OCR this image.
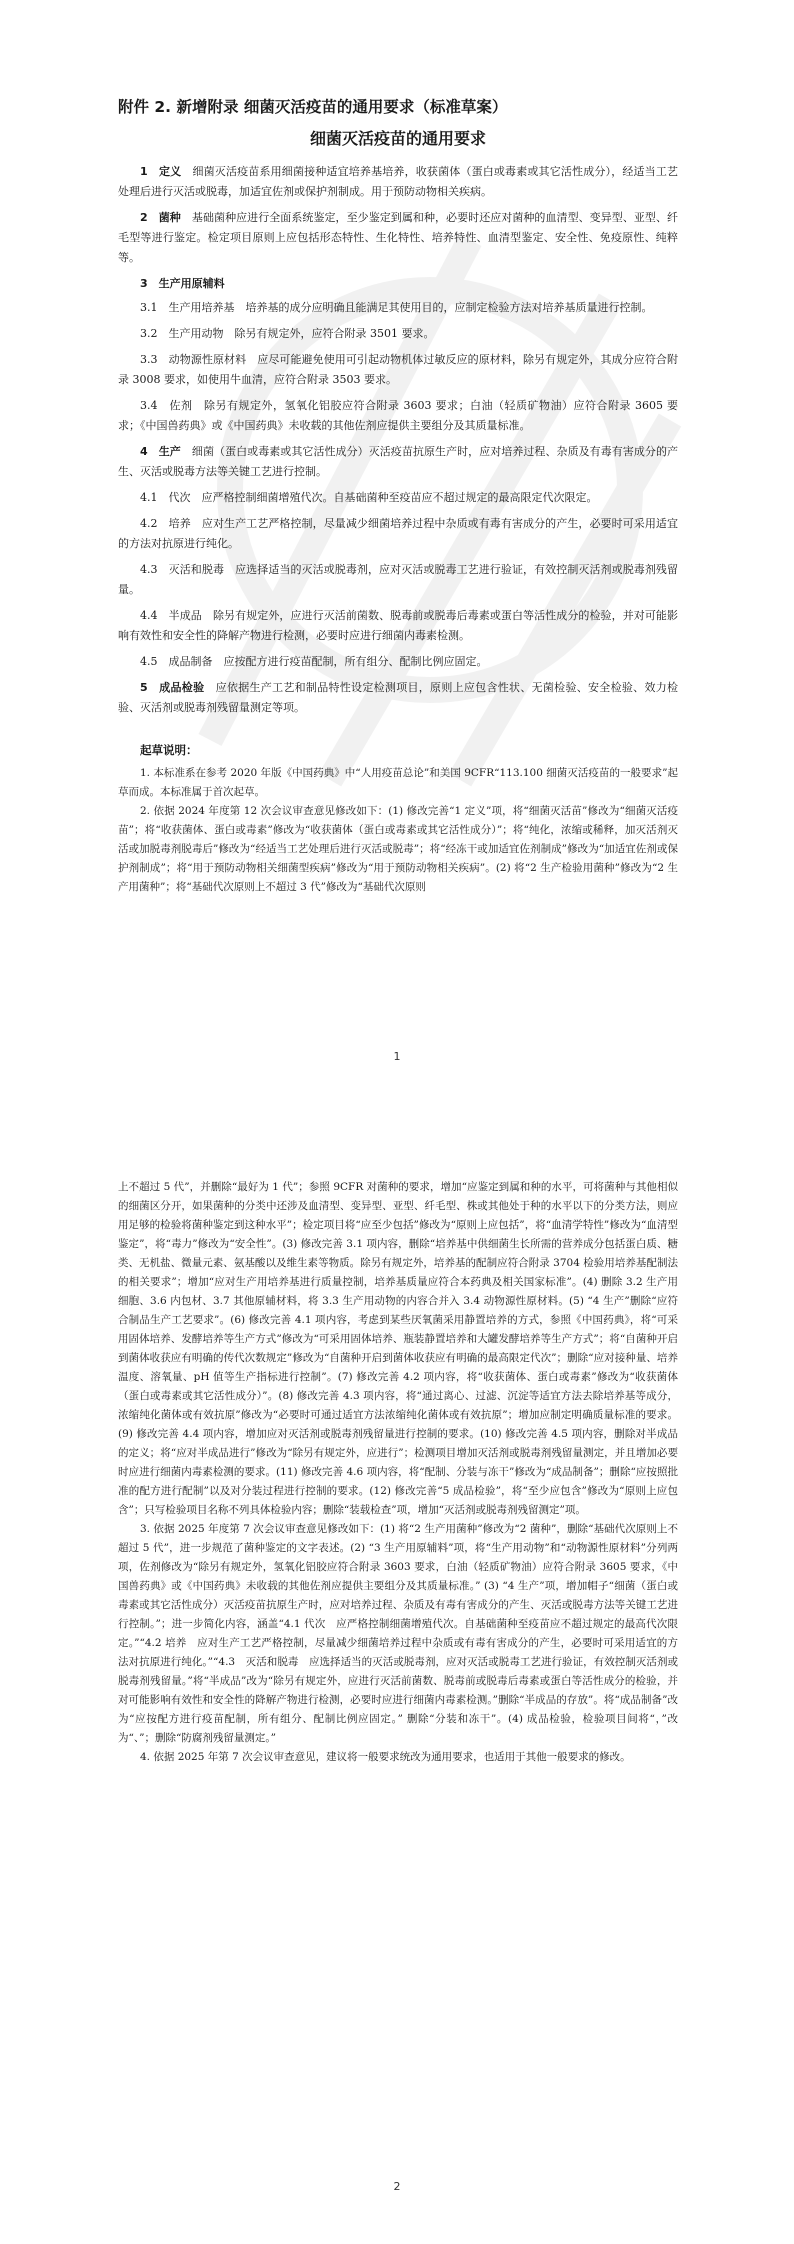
附件 2. 新增附录 细菌灭活疫苗的通用要求（标准草案）
细菌灭活疫苗的通用要求

1　定义　 细菌灭活疫苗系用细菌接种适宜培养基培养，收获菌体（蛋白或毒素或其它活性成分），经适当工艺处理后进行灭活或脱毒，加适宜佐剂或保护剂制成。用于预防动物相关疾病。

2　菌种　 基础菌种应进行全面系统鉴定，至少鉴定到属和种，必要时还应对菌种的血清型、变异型、亚型、纤毛型等进行鉴定。检定项目原则上应包括形态特性、生化特性、培养特性、血清型鉴定、安全性、免疫原性、纯粹等。

3　生产用原辅料

3.1　生产用培养基　 培养基的成分应明确且能满足其使用目的，应制定检验方法对培养基质量进行控制。

3.2　生产用动物　 除另有规定外，应符合附录 3501 要求。

3.3　动物源性原材料　 应尽可能避免使用可引起动物机体过敏反应的原材料，除另有规定外，其成分应符合附录 3008 要求，如使用牛血清，应符合附录 3503 要求。

3.4　佐剂　 除另有规定外，氢氧化铝胶应符合附录 3603 要求；白油（轻质矿物油）应符合附录 3605 要求；《中国兽药典》或《中国药典》未收载的其他佐剂应提供主要组分及其质量标准。

4　生产　 细菌（蛋白或毒素或其它活性成分）灭活疫苗抗原生产时，应对培养过程、杂质及有毒有害成分的产生、灭活或脱毒方法等关键工艺进行控制。

4.1　代次　 应严格控制细菌增殖代次。自基础菌种至疫苗应不超过规定的最高限定代次限定。

4.2　培养　 应对生产工艺严格控制，尽量减少细菌培养过程中杂质或有毒有害成分的产生，必要时可采用适宜的方法对抗原进行纯化。

4.3　灭活和脱毒　 应选择适当的灭活或脱毒剂，应对灭活或脱毒工艺进行验证，有效控制灭活剂或脱毒剂残留量。

4.4　半成品　 除另有规定外，应进行灭活前菌数、脱毒前或脱毒后毒素或蛋白等活性成分的检验，并对可能影响有效性和安全性的降解产物进行检测，必要时应进行细菌内毒素检测。

4.5　成品制备　 应按配方进行疫苗配制，所有组分、配制比例应固定。

5　成品检验　 应依据生产工艺和制品特性设定检测项目，原则上应包含性状、无菌检验、安全检验、效力检验、灭活剂或脱毒剂残留量测定等项。

起草说明：

1. 本标准系在参考 2020 年版《中国药典》中“人用疫苗总论”和美国 9CFR“113.100 细菌灭活疫苗的一般要求”起草而成。本标准属于首次起草。

2. 依据 2024 年度第 12 次会议审查意见修改如下：(1) 修改完善“1 定义”项，将“细菌灭活苗”修改为“细菌灭活疫苗”；将“收获菌体、蛋白或毒素”修改为“收获菌体（蛋白或毒素或其它活性成分）”；将“纯化，浓缩或稀释，加灭活剂灭活或加脱毒剂脱毒后”修改为“经适当工艺处理后进行灭活或脱毒”；将“经冻干或加适宜佐剂制成”修改为“加适宜佐剂或保护剂制成”；将“用于预防动物相关细菌型疾病”修改为“用于预防动物相关疾病”。(2) 将“2 生产检验用菌种”修改为“2 生产用菌种”；将“基础代次原则上不超过 3 代”修改为“基础代次原则

1

上不超过 5 代”，并删除“最好为 1 代”；参照 9CFR 对菌种的要求，增加“应鉴定到属和种的水平，可将菌种与其他相似的细菌区分开，如果菌种的分类中还涉及血清型、变异型、亚型、纤毛型、株或其他处于种的水平以下的分类方法，则应用足够的检验将菌种鉴定到这种水平”；检定项目将“应至少包括”修改为“原则上应包括”，将“血清学特性”修改为“血清型鉴定”，将“毒力”修改为“安全性”。(3) 修改完善 3.1 项内容，删除“培养基中供细菌生长所需的营养成分包括蛋白质、糖类、无机盐、微量元素、氨基酸以及维生素等物质。除另有规定外，培养基的配制应符合附录 3704 检验用培养基配制法的相关要求”；增加“应对生产用培养基进行质量控制，培养基质量应符合本药典及相关国家标准”。(4) 删除 3.2 生产用细胞、3.6 内包材、3.7 其他原辅材料，将 3.3 生产用动物的内容合并入 3.4 动物源性原材料。(5) “4 生产”删除“应符合制品生产工艺要求”。(6) 修改完善 4.1 项内容，考虑到某些厌氧菌采用静置培养的方式，参照《中国药典》，将“可采用固体培养、发酵培养等生产方式”修改为“可采用固体培养、瓶装静置培养和大罐发酵培养等生产方式”；将“自菌种开启到菌体收获应有明确的传代次数规定”修改为“自菌种开启到菌体收获应有明确的最高限定代次”；删除“应对接种量、培养温度、溶氧量、pH 值等生产指标进行控制”。(7) 修改完善 4.2 项内容，将“收获菌体、蛋白或毒素”修改为“收获菌体（蛋白或毒素或其它活性成分）”。(8) 修改完善 4.3 项内容，将“通过离心、过滤、沉淀等适宜方法去除培养基等成分，浓缩纯化菌体或有效抗原”修改为“必要时可通过适宜方法浓缩纯化菌体或有效抗原”；增加应制定明确质量标准的要求。(9) 修改完善 4.4 项内容，增加应对灭活剂或脱毒剂残留量进行控制的要求。(10) 修改完善 4.5 项内容，删除对半成品的定义；将“应对半成品进行”修改为“除另有规定外，应进行”；检测项目增加灭活剂或脱毒剂残留量测定，并且增加必要时应进行细菌内毒素检测的要求。(11) 修改完善 4.6 项内容，将“配制、分装与冻干”修改为“成品制备”；删除“应按照批准的配方进行配制”以及对分装过程进行控制的要求。(12) 修改完善“5 成品检验”，将“至少应包含”修改为“原则上应包含”；只写检验项目名称不列具体检验内容；删除“装载检查”项，增加“灭活剂或脱毒剂残留测定”项。

3. 依据 2025 年度第 7 次会议审查意见修改如下：(1) 将“2 生产用菌种”修改为“2 菌种”，删除“基础代次原则上不超过 5 代”，进一步规范了菌种鉴定的文字表述。(2) “3 生产用原辅料”项，将“生产用动物”和“动物源性原材料”分列两项，佐剂修改为“除另有规定外，氢氧化铝胶应符合附录 3603 要求，白油（轻质矿物油）应符合附录 3605 要求，《中国兽药典》或《中国药典》未收载的其他佐剂应提供主要组分及其质量标准。” (3) “4 生产”项，增加帽子“细菌（蛋白或毒素或其它活性成分）灭活疫苗抗原生产时，应对培养过程、杂质及有毒有害成分的产生、灭活或脱毒方法等关键工艺进行控制。”；进一步简化内容，涵盖“4.1 代次　应严格控制细菌增殖代次。自基础菌种至疫苗应不超过规定的最高代次限定。”“4.2 培养　应对生产工艺严格控制，尽量减少细菌培养过程中杂质或有毒有害成分的产生，必要时可采用适宜的方法对抗原进行纯化。”“4.3　灭活和脱毒　应选择适当的灭活或脱毒剂，应对灭活或脱毒工艺进行验证，有效控制灭活剂或脱毒剂残留量。”将“半成品”改为“除另有规定外，应进行灭活前菌数、脱毒前或脱毒后毒素或蛋白等活性成分的检验，并对可能影响有效性和安全性的降解产物进行检测，必要时应进行细菌内毒素检测。”删除“半成品的存放”。将“成品制备”改为“应按配方进行疫苗配制，所有组分、配制比例应固定。” 删除“分装和冻干”。(4) 成品检验，检验项目间将“，”改为“、”；删除“防腐剂残留量测定。”

4. 依据 2025 年第 7 次会议审查意见，建议将一般要求统改为通用要求，也适用于其他一般要求的修改。

2
